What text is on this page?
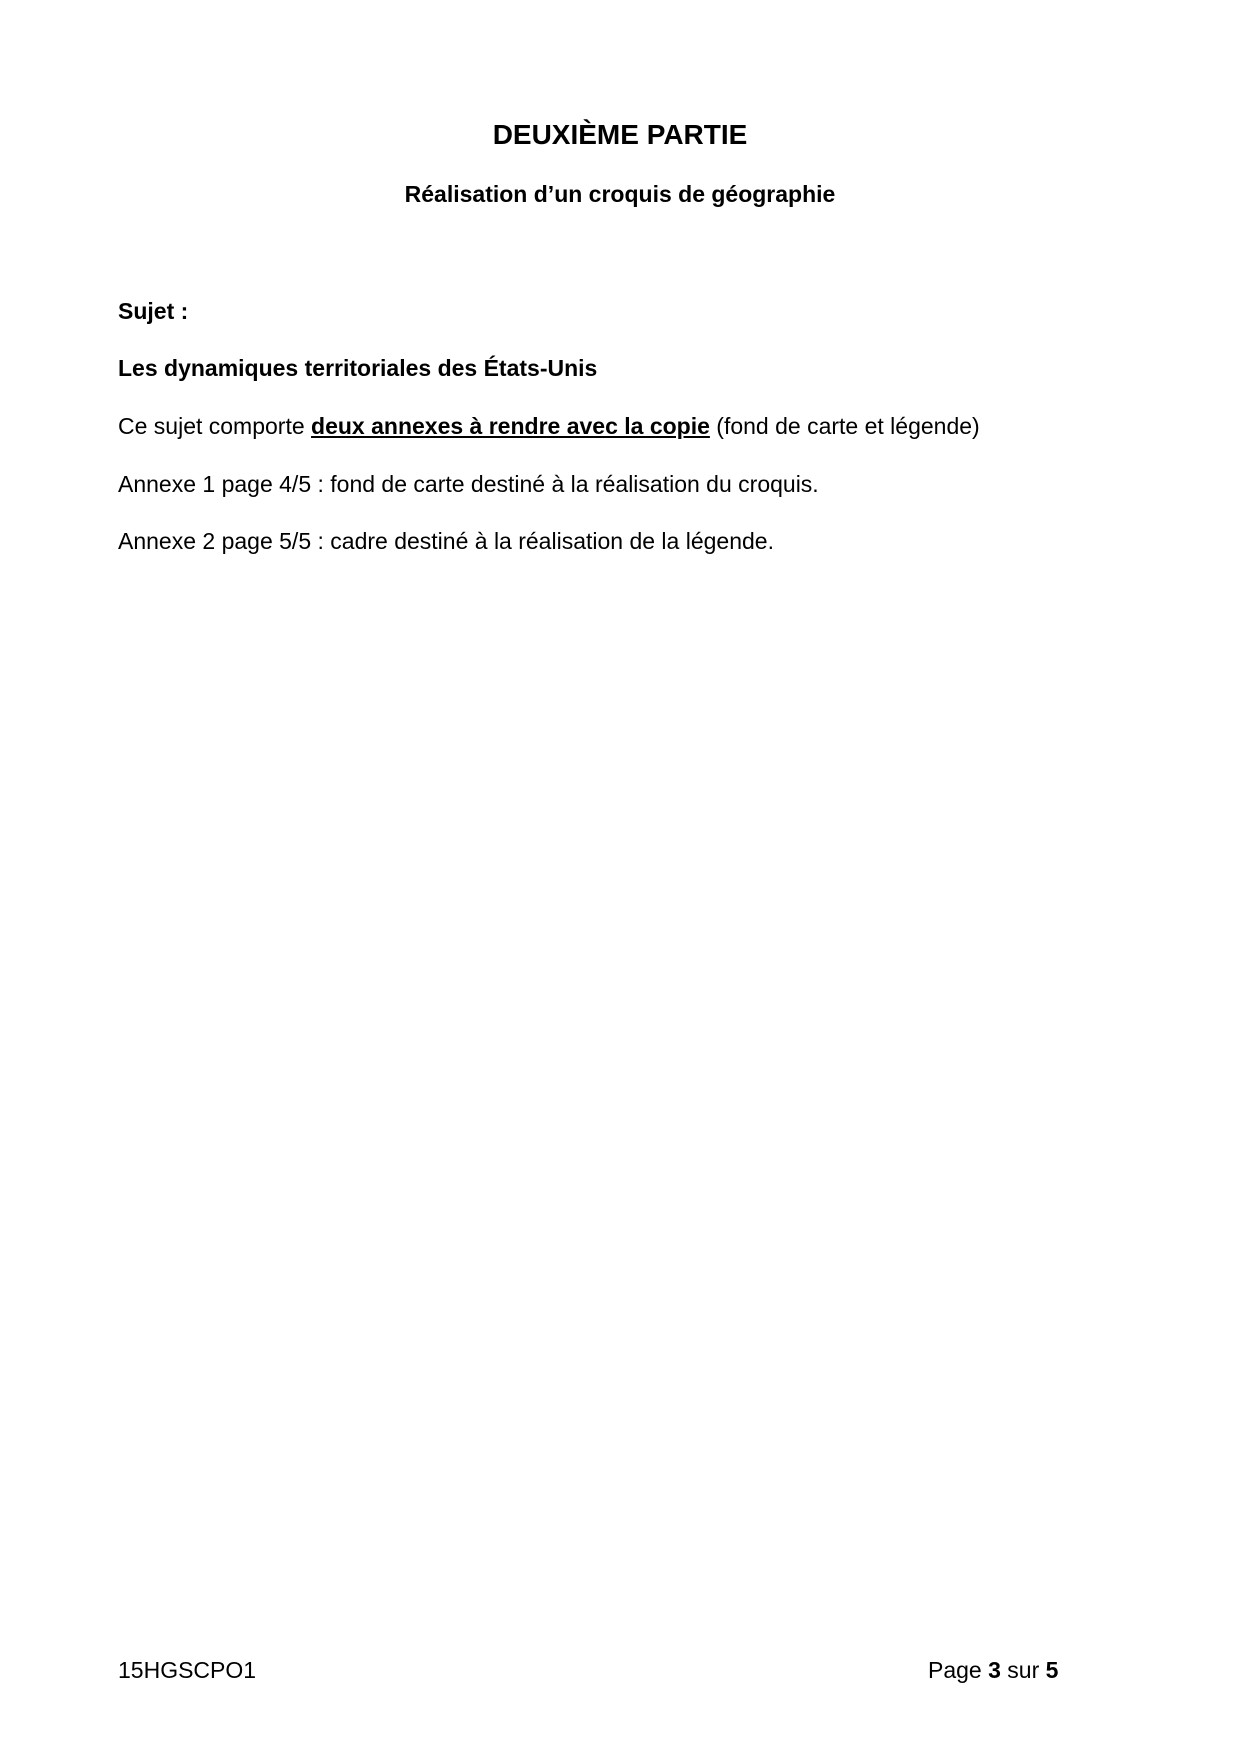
DEUXIÈME PARTIE
Réalisation d’un croquis de géographie
Sujet :
Les dynamiques territoriales des États-Unis
Ce sujet comporte deux annexes à rendre avec la copie (fond de carte et légende)
Annexe 1 page 4/5 : fond de carte destiné à la réalisation du croquis.
Annexe 2 page 5/5 : cadre destiné à la réalisation de la légende.
15HGSCPO1	Page 3 sur 5
